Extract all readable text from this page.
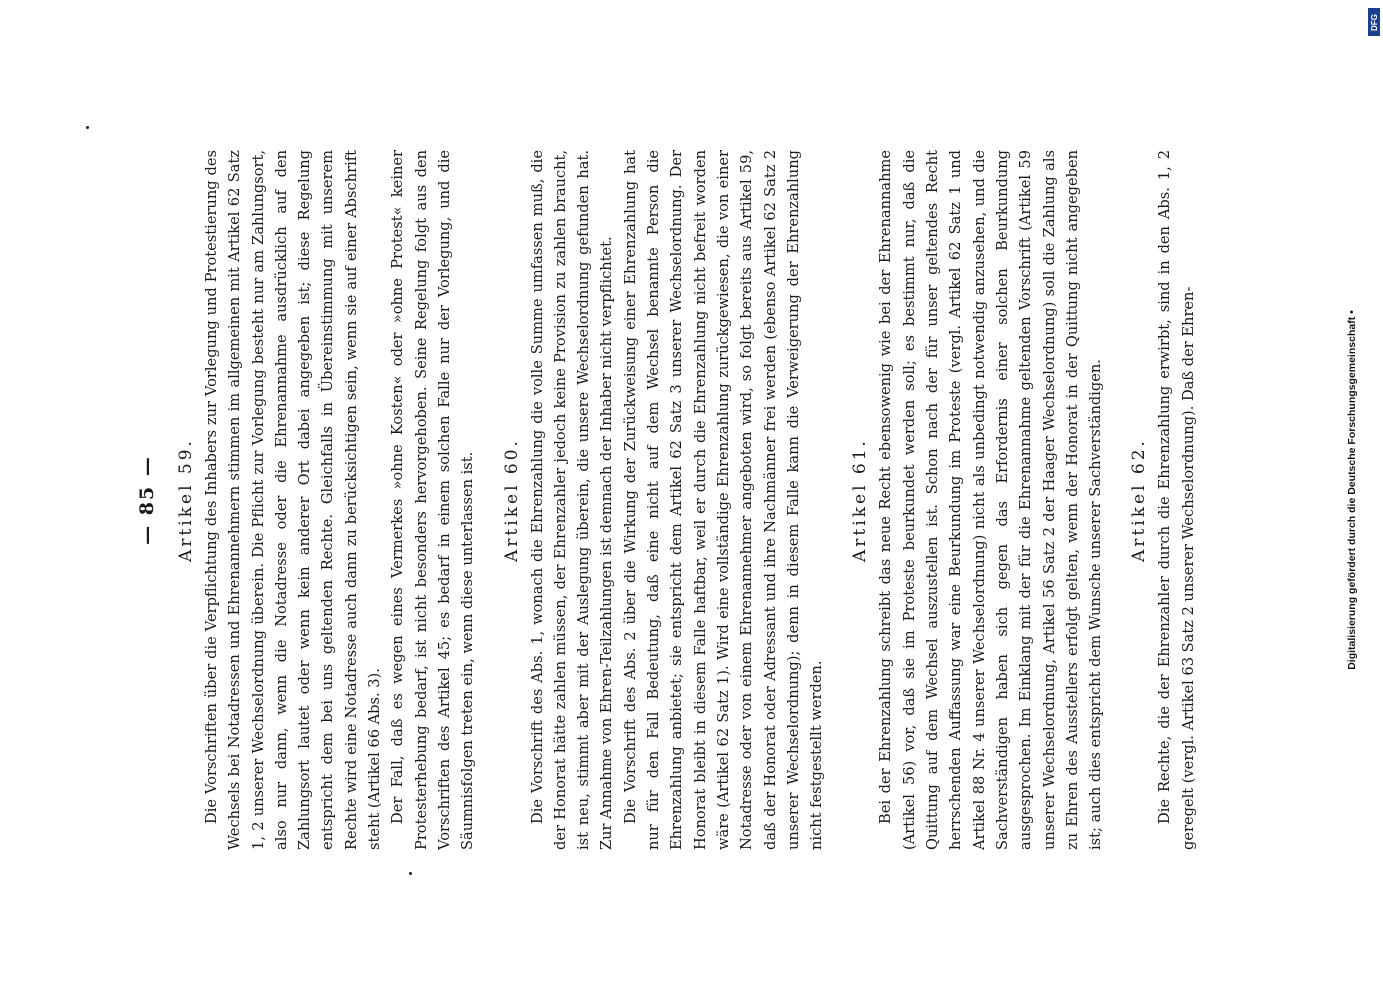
— 85 — Artikel 59. Die Vorschriften über die Verpflichtung des Inhabers zur Vorlegung und Protestierung des Wechsels bei Notadressen und Ehrenannehmern stimmen im allgemeinen mit Artikel 62 Satz 1, 2 unserer Wechselordnung überein. Die Pflicht zur Vorlegung besteht nur am Zahlungsort, also nur dann, wenn die Notadresse oder die Ehrenannahme ausdrücklich auf den Zahlungsort lautet oder wenn kein anderer Ort dabei angegeben ist; diese Regelung entspricht dem bei uns geltenden Rechte. Gleichfalls in Übereinstimmung mit unserem Rechte wird eine Notadresse auch dann zu berücksichtigen sein, wenn sie auf einer Abschrift steht (Artikel 66 Abs. 3). Der Fall, daß es wegen eines Vermerkes »ohne Kosten« oder »ohne Protest« keiner Protesterhebung bedarf, ist nicht besonders hervorgehoben. Seine Regelung folgt aus den Vorschriften des Artikel 45; es bedarf in einem solchen Falle nur der Vorlegung, und die Säumnisfolgen treten ein, wenn diese unterlassen ist. Artikel 60. Die Vorschrift des Abs. 1, wonach die Ehrenzahlung die volle Summe umfassen muß, die der Honorat hätte zahlen müssen, der Ehrenzahler jedoch keine Provision zu zahlen braucht, ist neu, stimmt aber mit der Auslegung überein, die unsere Wechselordnung gefunden hat. Zur Annahme von Ehren-Teilzahlungen ist demnach der Inhaber nicht verpflichtet. Die Vorschrift des Abs. 2 über die Wirkung der Zurückweisung einer Ehrenzahlung hat nur für den Fall Bedeutung, daß eine nicht auf dem Wechsel benannte Person die Ehrenzahlung anbietet; sie entspricht dem Artikel 62 Satz 3 unserer Wechselordnung. Der Honorat bleibt in diesem Falle haftbar, weil er durch die Ehrenzahlung nicht befreit worden wäre (Artikel 62 Satz 1). Wird eine vollständige Ehrenzahlung zurückgewiesen, die von einer Notadresse oder von einem Ehrenannehmer angeboten wird, so folgt bereits aus Artikel 59, daß der Honorat oder Adressant und ihre Nachmänner frei werden (ebenso Artikel 62 Satz 2 unserer Wechselordnung); denn in diesem Falle kann die Verweigerung der Ehrenzahlung nicht festgestellt werden.

Artikel 61. Bei der Ehrenzahlung schreibt das neue Recht ebensowenig wie bei der Ehrenannahme (Artikel 56) vor, daß sie im Proteste beurkundet werden soll; es bestimmt nur, daß die Quittung auf dem Wechsel auszustellen ist. Schon nach der für unser geltendes Recht herrschenden Auffassung war eine Beurkundung im Proteste (vergl. Artikel 62 Satz 1 und Artikel 88 Nr. 4 unserer Wechselordnung) nicht als unbedingt notwendig anzusehen, und die Sachverständigen haben sich gegen das Erfordernis einer solchen Beurkundung ausgesprochen. Im Einklang mit der für die Ehrenannahme geltenden Vorschrift (Artikel 59 unserer Wechselordnung, Artikel 56 Satz 2 der Haager Wechselordnung) soll die Zahlung als zu Ehren des Ausstellers erfolgt gelten, wenn der Honorat in der Quittung nicht angegeben ist; auch dies entspricht dem Wunsche unserer Sachverständigen. Artikel 62. Die Rechte, die der Ehrenzahler durch die Ehrenzahlung erwirbt, sind in den Abs. 1, 2 geregelt (vergl. Artikel 63 Satz 2 unserer Wechselordnung). Daß der Ehren-	Digitalisierung gefördert durch die Deutsche Forschungsgemeinschaft •
DFG
